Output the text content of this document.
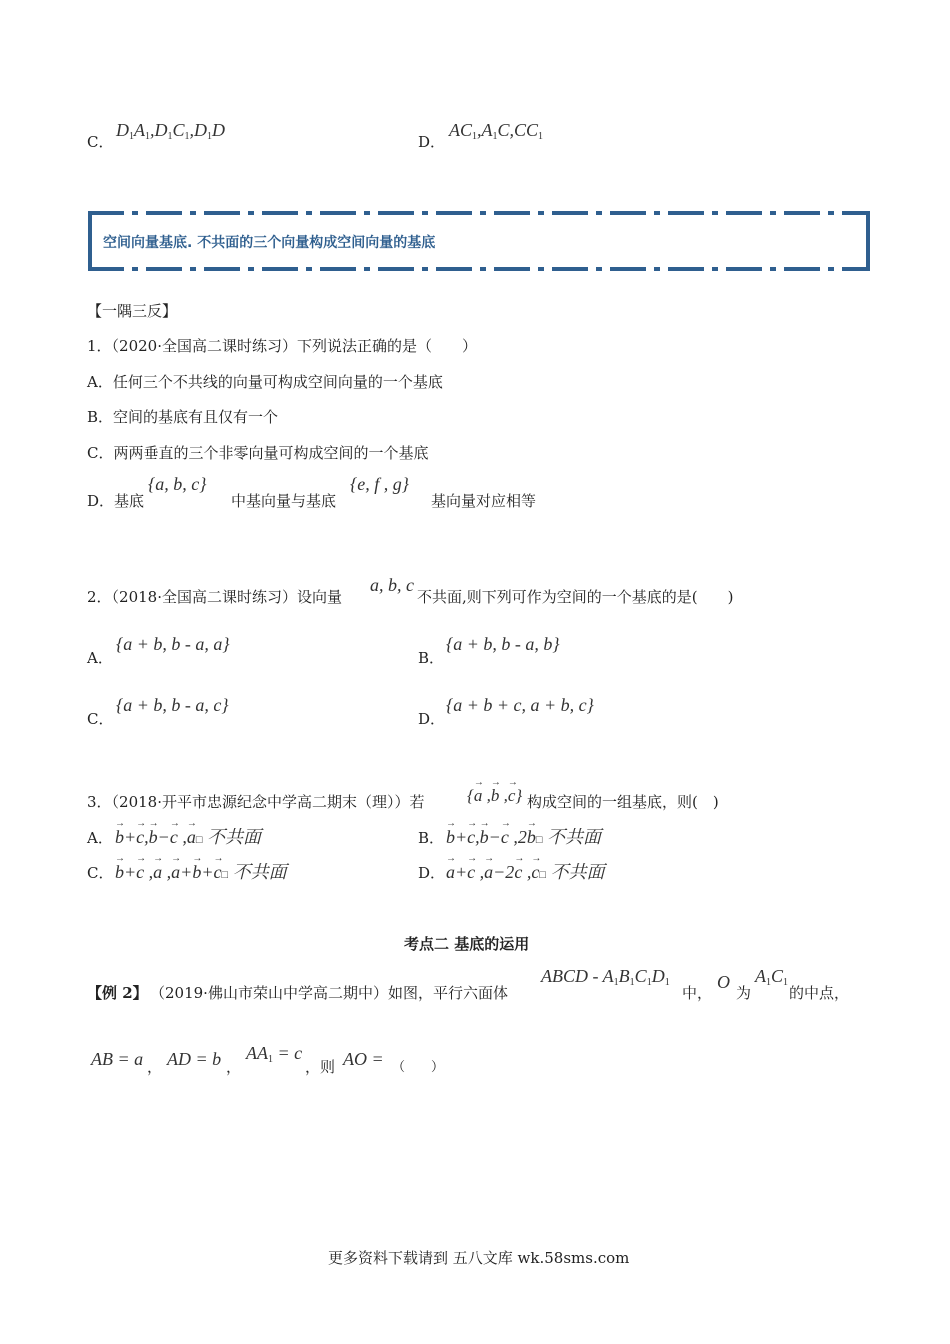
C．
$D_1A_1,D_1C_1,D_1D$
D．
$AC_1,A_1C,CC_1$
空间向量基底. 不共面的三个向量构成空间向量的基底
【一隅三反】
1．（2020·全国高二课时练习）下列说法正确的是（　　）
A．任何三个不共线的向量可构成空间向量的一个基底
B．空间的基底有且仅有一个
C．两两垂直的三个非零向量可构成空间的一个基底
D．基底
{a, b, c}
中基向量与基底
{e, f , g}
基向量对应相等
2．（2018·全国高二课时练习）设向量
a, b, c
不共面,则下列可作为空间的一个基底的是(　　)
A．
{a + b, b - a, a}
B．
{a + b, b - a, b}
C．
{a + b, b - a, c}
D．
{a + b + c, a + b, c}
3．（2018·开平市忠源纪念中学高二期末（理））若	{→ a ,→ b ,→ c} 构成空间的一组基底，则(　)
A． → b+→ c,→ b−→ c ,→ a□ 不共面	B． → b+→ c,→ b−→ c ,2→ b□ 不共面
C． → b+→ c ,→ a ,→ a+→ b+→ c□ 不共面	D． → a+→ c ,→ a−2→ c ,→ c□ 不共面
考点二 基底的运用
【例 2】 （2019·佛山市荣山中学高二期中）如图，平行六面体
ABCD - $A_1B_1C_1D_1$
中，
O
为
$A_1C_1$
的中点，
AB = a ， AD = b ，
$AA_1 = c$
，则 AO = （　　）
更多资料下载请到 五八文库 wk.58sms.com
